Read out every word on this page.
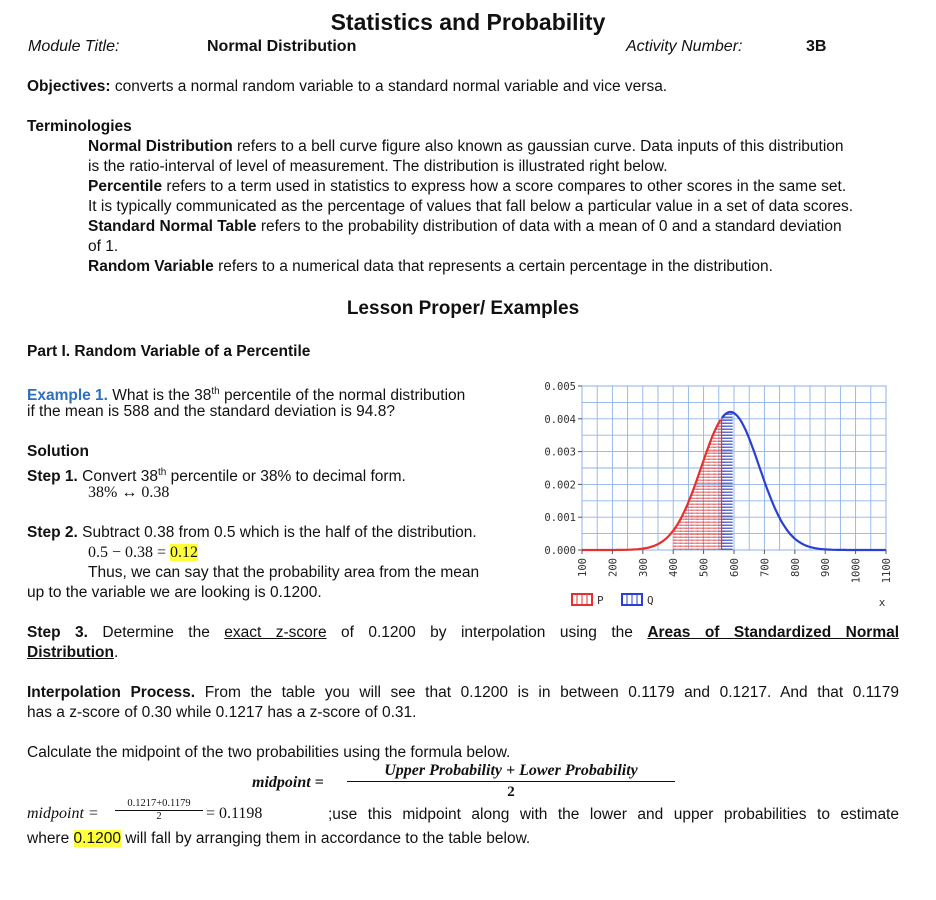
Statistics and Probability
Module Title:	Normal Distribution	Activity Number:	3B
Objectives: converts a normal random variable to a standard normal variable and vice versa.
Terminologies
Normal Distribution refers to a bell curve figure also known as gaussian curve. Data inputs of this distribution
is the ratio-interval of level of measurement. The distribution is illustrated right below.
Percentile refers to a term used in statistics to express how a score compares to other scores in the same set.
It is typically communicated as the percentage of values that fall below a particular value in a set of data scores.
Standard Normal Table refers to the probability distribution of data with a mean of 0 and a standard deviation
of 1.
Random Variable refers to a numerical data that represents a certain percentage in the distribution.
Lesson Proper/ Examples
Part I. Random Variable of a Percentile
Example 1. What is the 38th percentile of the normal distribution
if the mean is 588 and the standard deviation is 94.8?
Solution
Step 1. Convert 38th percentile or 38% to decimal form.
38% ↔ 0.38
Step 2. Subtract 0.38 from 0.5 which is the half of the distribution.
0.5 − 0.38 = 0.12
Thus, we can say that the probability area from the mean
up to the variable we are looking is 0.1200.
Step 3. Determine the exact z-score of 0.1200 by interpolation using the Areas of Standardized Normal
Distribution.
Interpolation Process. From the table you will see that 0.1200 is in between 0.1179 and 0.1217. And that 0.1179
has a z-score of 0.30 while 0.1217 has a z-score of 0.31.
Calculate the midpoint of the two probabilities using the formula below.
midpoint =
Upper Probability + Lower Probability
2
midpoint = $\frac{0.1217+0.1179}{2} = 0.1198$	;use this midpoint along with the lower and upper probabilities to estimate
where 0.1200 will fall by arranging them in accordance to the table below.
0.000
0.001
0.002
0.003
0.004
0.005
100 200 300 400 500 600 700 800 900 1000 1100
P	Q	x
